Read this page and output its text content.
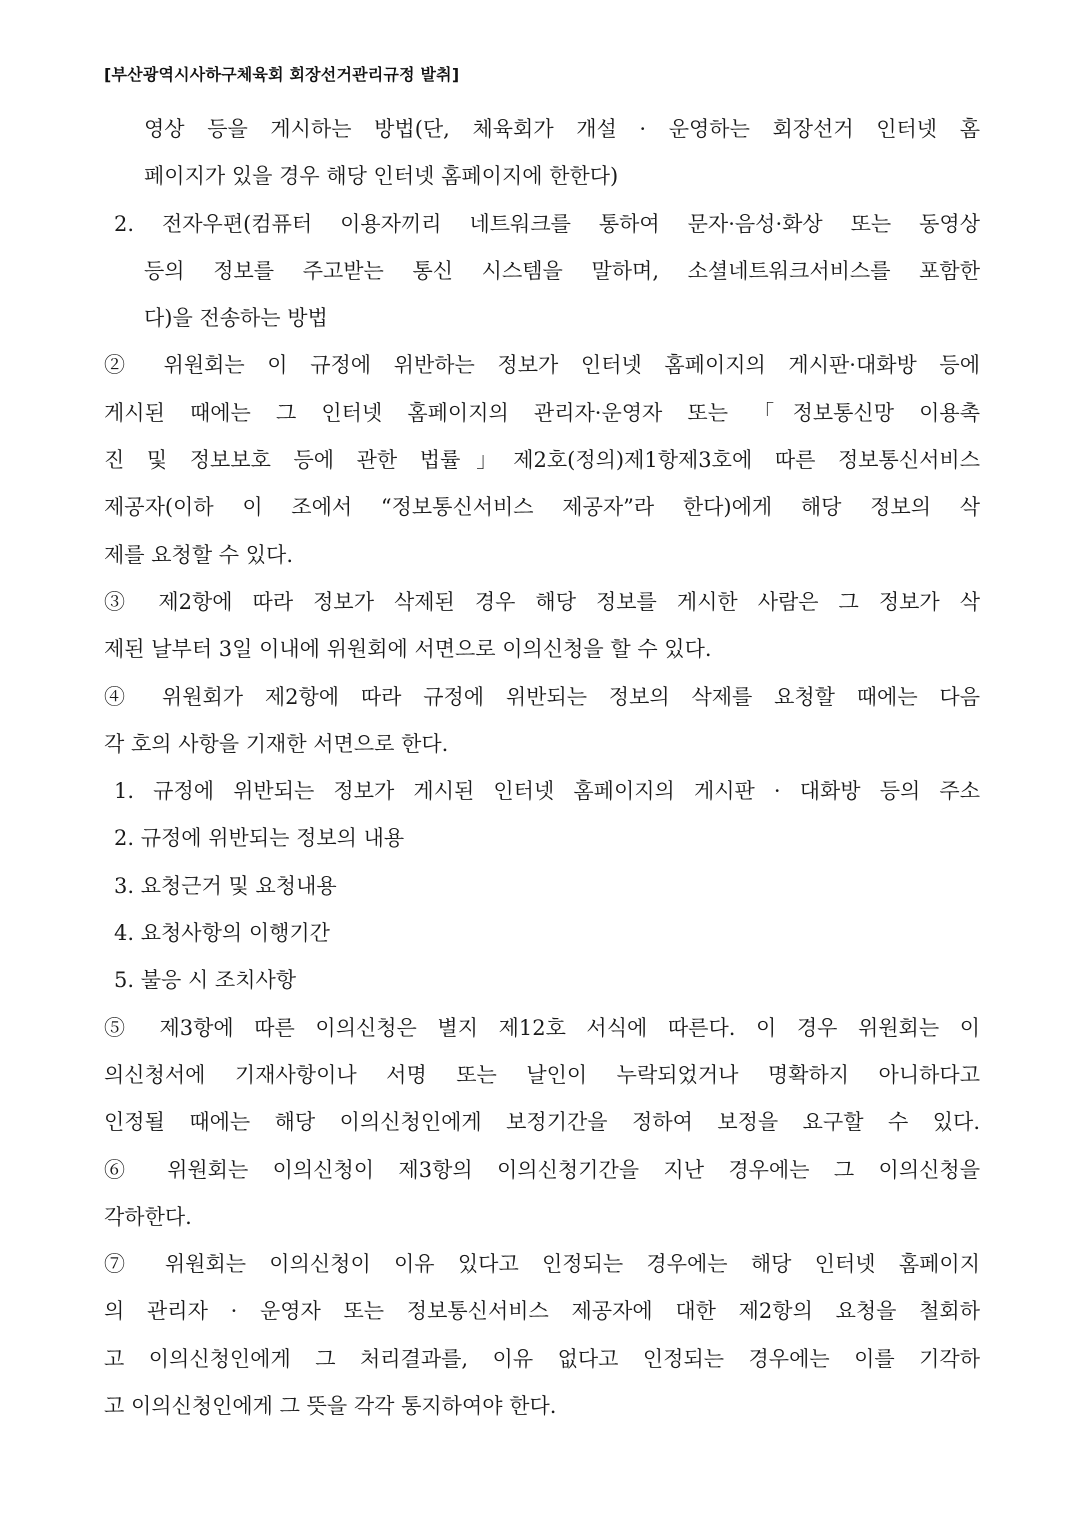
[부산광역시사하구체육회 회장선거관리규정 발취]
영상 등을 게시하는 방법(단, 체육회가 개설 · 운영하는 회장선거 인터넷 홈
페이지가 있을 경우 해당 인터넷 홈페이지에 한한다)
2. 전자우편(컴퓨터 이용자끼리 네트워크를 통하여 문자·음성·화상 또는 동영상
등의 정보를 주고받는 통신 시스템을 말하며, 소셜네트워크서비스를 포함한
다)을 전송하는 방법
② 위원회는 이 규정에 위반하는 정보가 인터넷 홈페이지의 게시판·대화방 등에
게시된 때에는 그 인터넷 홈페이지의 관리자·운영자 또는 「정보통신망 이용촉
진 및 정보보호 등에 관한 법률」제2호(정의)제1항제3호에 따른 정보통신서비스
제공자(이하 이 조에서 “정보통신서비스 제공자”라 한다)에게 해당 정보의 삭
제를 요청할 수 있다.
③ 제2항에 따라 정보가 삭제된 경우 해당 정보를 게시한 사람은 그 정보가 삭
제된 날부터 3일 이내에 위원회에 서면으로 이의신청을 할 수 있다.
④ 위원회가 제2항에 따라 규정에 위반되는 정보의 삭제를 요청할 때에는 다음
각 호의 사항을 기재한 서면으로 한다.
1. 규정에 위반되는 정보가 게시된 인터넷 홈페이지의 게시판 · 대화방 등의 주소
2. 규정에 위반되는 정보의 내용
3. 요청근거 및 요청내용
4. 요청사항의 이행기간
5. 불응 시 조치사항
⑤ 제3항에 따른 이의신청은 별지 제12호 서식에 따른다. 이 경우 위원회는 이
의신청서에 기재사항이나 서명 또는 날인이 누락되었거나 명확하지 아니하다고
인정될 때에는 해당 이의신청인에게 보정기간을 정하여 보정을 요구할 수 있다.
⑥ 위원회는 이의신청이 제3항의 이의신청기간을 지난 경우에는 그 이의신청을
각하한다.
⑦ 위원회는 이의신청이 이유 있다고 인정되는 경우에는 해당 인터넷 홈페이지
의 관리자 · 운영자 또는 정보통신서비스 제공자에 대한 제2항의 요청을 철회하
고 이의신청인에게 그 처리결과를, 이유 없다고 인정되는 경우에는 이를 기각하
고 이의신청인에게 그 뜻을 각각 통지하여야 한다.
